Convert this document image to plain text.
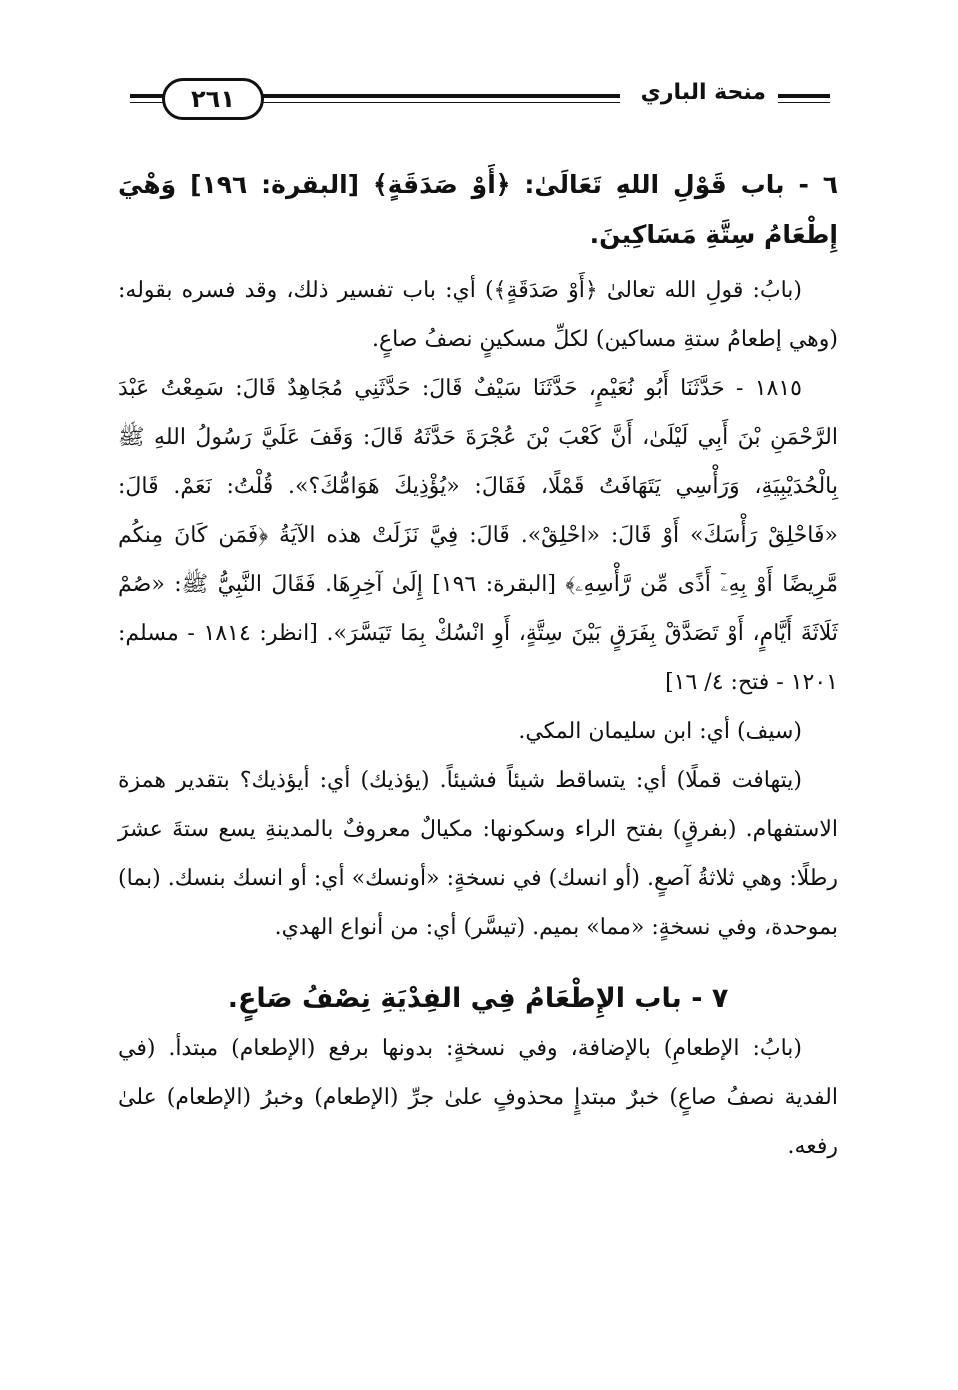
٢٦١	منحة الباري

٦ - باب قَوْلِ اللهِ تَعَالَىٰ: ﴿أَوْ صَدَقَةٍ﴾ [البقرة: ١٩٦] وَهْيَ إِطْعَامُ سِتَّةِ مَسَاكِينَ.

(بابُ: قولِ الله تعالىٰ ﴿أَوْ صَدَقَةٍ﴾) أي: باب تفسير ذلك، وقد فسره بقوله: (وهي إطعامُ ستةِ مساكين) لكلِّ مسكينٍ نصفُ صاعٍ.

١٨١٥ - حَدَّثَنَا أَبُو نُعَيْمٍ، حَدَّثَنَا سَيْفٌ قَالَ: حَدَّثَنِي مُجَاهِدٌ قَالَ: سَمِعْتُ عَبْدَ الرَّحْمَنِ بْنَ أَبِي لَيْلَىٰ، أَنَّ كَعْبَ بْنَ عُجْرَةَ حَدَّثَهُ قَالَ: وَقَفَ عَلَيَّ رَسُولُ اللهِ ﷺ بِالْحُدَيْبِيَةِ، وَرَأْسِي يَتَهَافَتُ قَمْلًا، فَقَالَ: «يُؤْذِيكَ هَوَامُّكَ؟». قُلْتُ: نَعَمْ. قَالَ: «فَاحْلِقْ رَأْسَكَ» أَوْ قَالَ: «احْلِقْ». قَالَ: فِيَّ نَزَلَتْ هذه الآيَةُ ﴿فَمَن كَانَ مِنكُم مَّرِيضًا أَوْ بِهِۦٓ أَذًى مِّن رَّأْسِهِۦ﴾ [البقرة: ١٩٦] إِلَىٰ آخِرِهَا. فَقَالَ النَّبِيُّ ﷺ: «صُمْ ثَلَاثَةَ أَيَّامٍ، أَوْ تَصَدَّقْ بِفَرَقٍ بَيْنَ سِتَّةٍ، أَوِ انْسُكْ بِمَا تَيَسَّرَ». [انظر: ١٨١٤ - مسلم: ١٢٠١ - فتح: ٤/ ١٦]

(سيف) أي: ابن سليمان المكي.

(يتهافت قملًا) أي: يتساقط شيئاً فشيئاً. (يؤذيك) أي: أيؤذيك؟ بتقدير همزة الاستفهام. (بفرقٍ) بفتح الراء وسكونها: مكيالٌ معروفٌ بالمدينةِ يسع ستةَ عشرَ رطلًا: وهي ثلاثةُ آصعٍ. (أو انسك) في نسخةٍ: «أونسك» أي: أو انسك بنسك. (بما) بموحدة، وفي نسخةٍ: «مما» بميم. (تيسَّر) أي: من أنواع الهدي.

٧ - باب الإِطْعَامُ فِي الفِدْيَةِ نِصْفُ صَاعٍ.

(بابُ: الإطعامِ) بالإضافة، وفي نسخةٍ: بدونها برفع (الإطعام) مبتدأ. (في الفدية نصفُ صاعٍ) خبرٌ مبتدإٍ محذوفٍ علىٰ جرِّ (الإطعام) وخبرُ (الإطعام) علىٰ رفعه.
